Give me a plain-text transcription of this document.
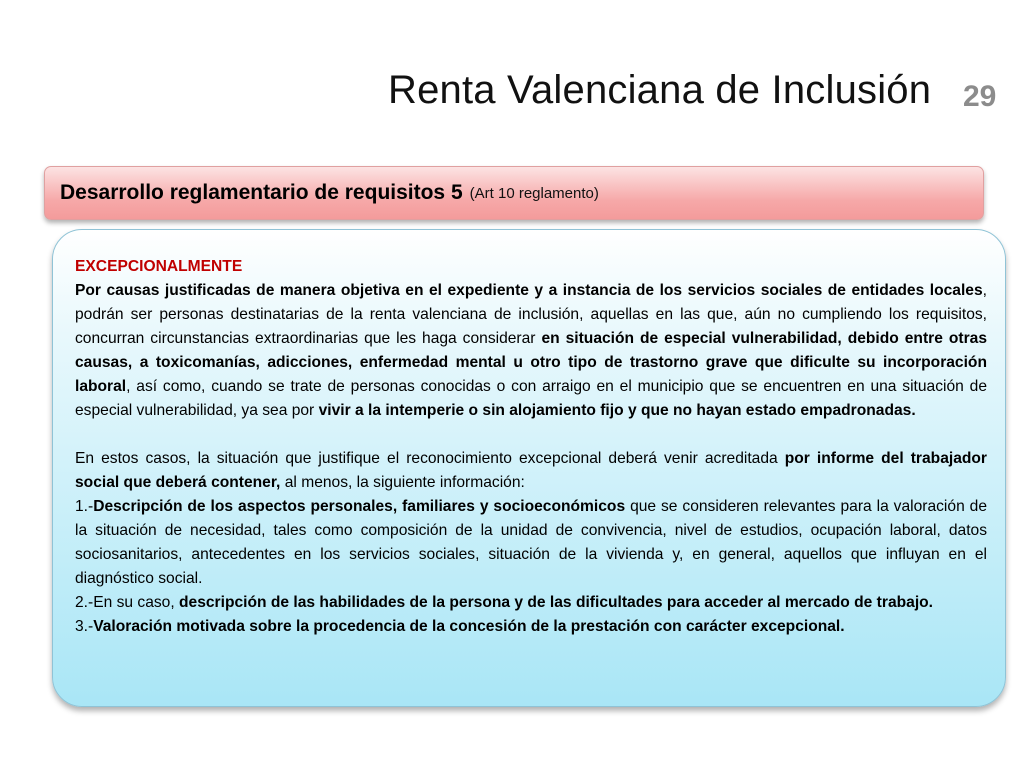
Renta Valenciana de Inclusión 29
Desarrollo reglamentario de requisitos 5 (Art 10 reglamento)

EXCEPCIONALMENTE

Por causas justificadas de manera objetiva en el expediente y a instancia de los servicios sociales de entidades locales, podrán ser personas destinatarias de la renta valenciana de inclusión, aquellas en las que, aún no cumpliendo los requisitos, concurran circunstancias extraordinarias que les haga considerar en situación de especial vulnerabilidad, debido entre otras causas, a toxicomanías, adicciones, enfermedad mental u otro tipo de trastorno grave que dificulte su incorporación laboral, así como, cuando se trate de personas conocidas o con arraigo en el municipio que se encuentren en una situación de especial vulnerabilidad, ya sea por vivir a la intemperie o sin alojamiento fijo y que no hayan estado empadronadas.

En estos casos, la situación que justifique el reconocimiento excepcional deberá venir acreditada por informe del trabajador social que deberá contener, al menos, la siguiente información:

1.-Descripción de los aspectos personales, familiares y socioeconómicos que se consideren relevantes para la valoración de la situación de necesidad, tales como composición de la unidad de convivencia, nivel de estudios, ocupación laboral, datos sociosanitarios, antecedentes en los servicios sociales, situación de la vivienda y, en general, aquellos que influyan en el diagnóstico social.

2.-En su caso, descripción de las habilidades de la persona y de las dificultades para acceder al mercado de trabajo.

3.-Valoración motivada sobre la procedencia de la concesión de la prestación con carácter excepcional.
